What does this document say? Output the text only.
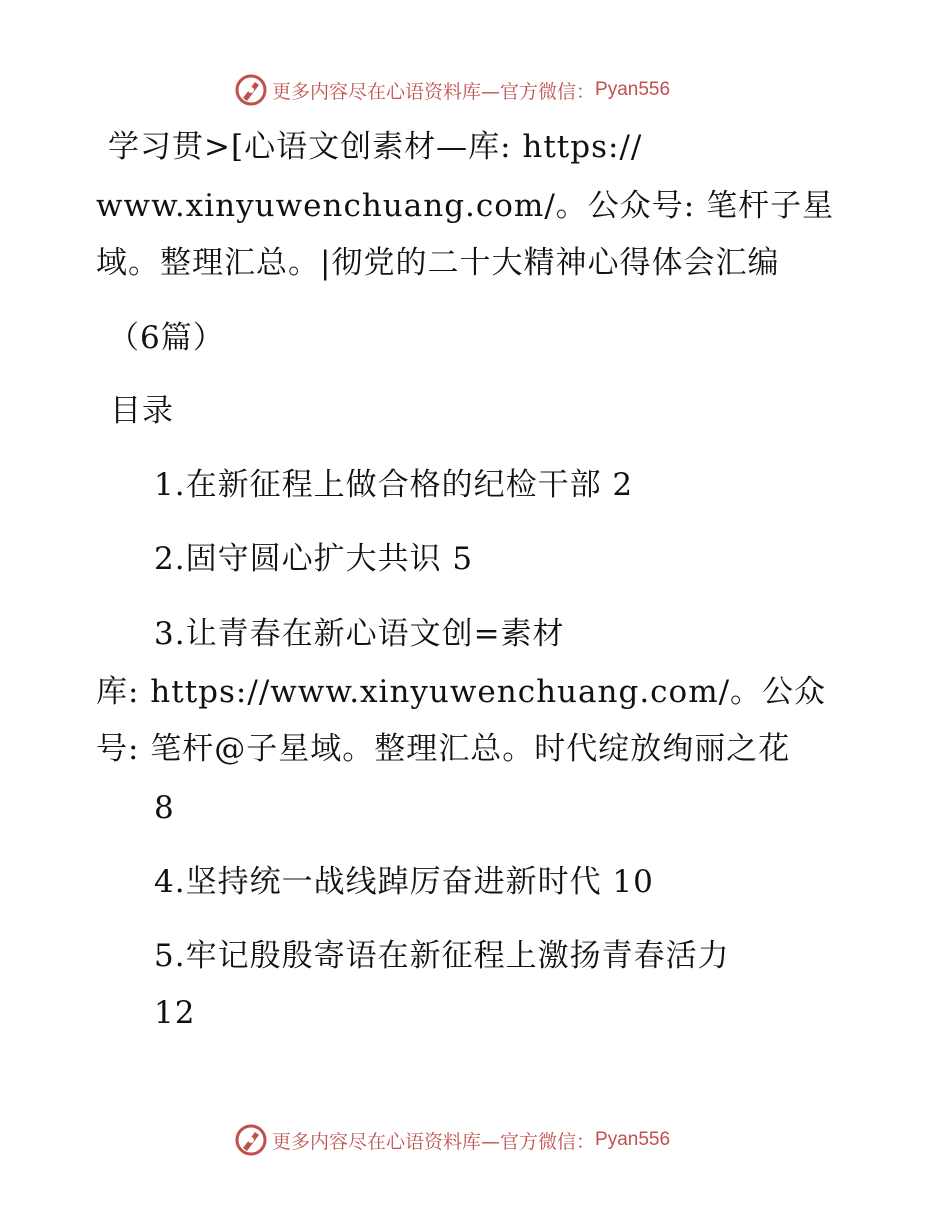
更多内容尽在心语资料库—官方微信： Pyan556
学习贯>[心语文创素材—库: https://
www.xinyuwenchuang.com/。公众号: 笔杆子星
域。整理汇总。|彻党的二十大精神心得体会汇编
（6篇）
目录
1.在新征程上做合格的纪检干部 2
2.固守圆心扩大共识 5
3.让青春在新心语文创=素材
库: https://www.xinyuwenchuang.com/。公众
号: 笔杆@子星域。整理汇总。时代绽放绚丽之花
8
4.坚持统一战线踔厉奋进新时代 10
5.牢记殷殷寄语在新征程上激扬青春活力
12
更多内容尽在心语资料库—官方微信： Pyan556
